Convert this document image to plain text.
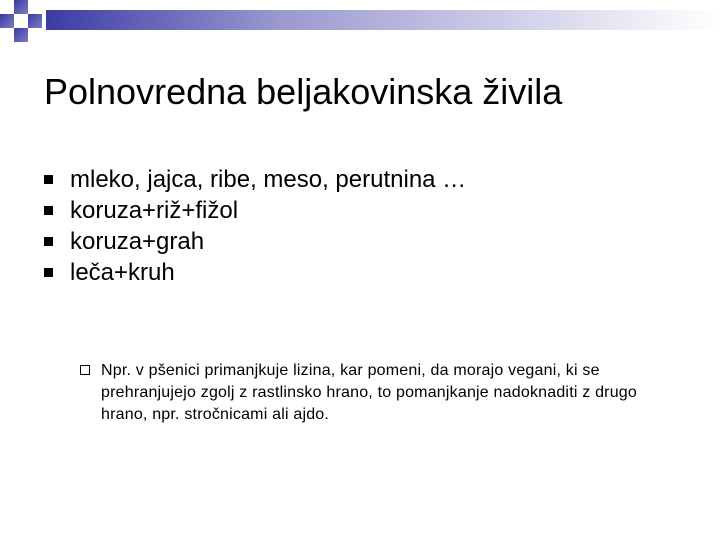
Polnovredna beljakovinska živila
mleko, jajca, ribe, meso, perutnina …
koruza+riž+fižol
koruza+grah
leča+kruh

Npr. v pšenici primanjkuje lizina, kar pomeni, da morajo vegani, ki se prehranjujejo zgolj z rastlinsko hrano, to pomanjkanje nadoknaditi z drugo hrano, npr. stročnicami ali ajdo.
